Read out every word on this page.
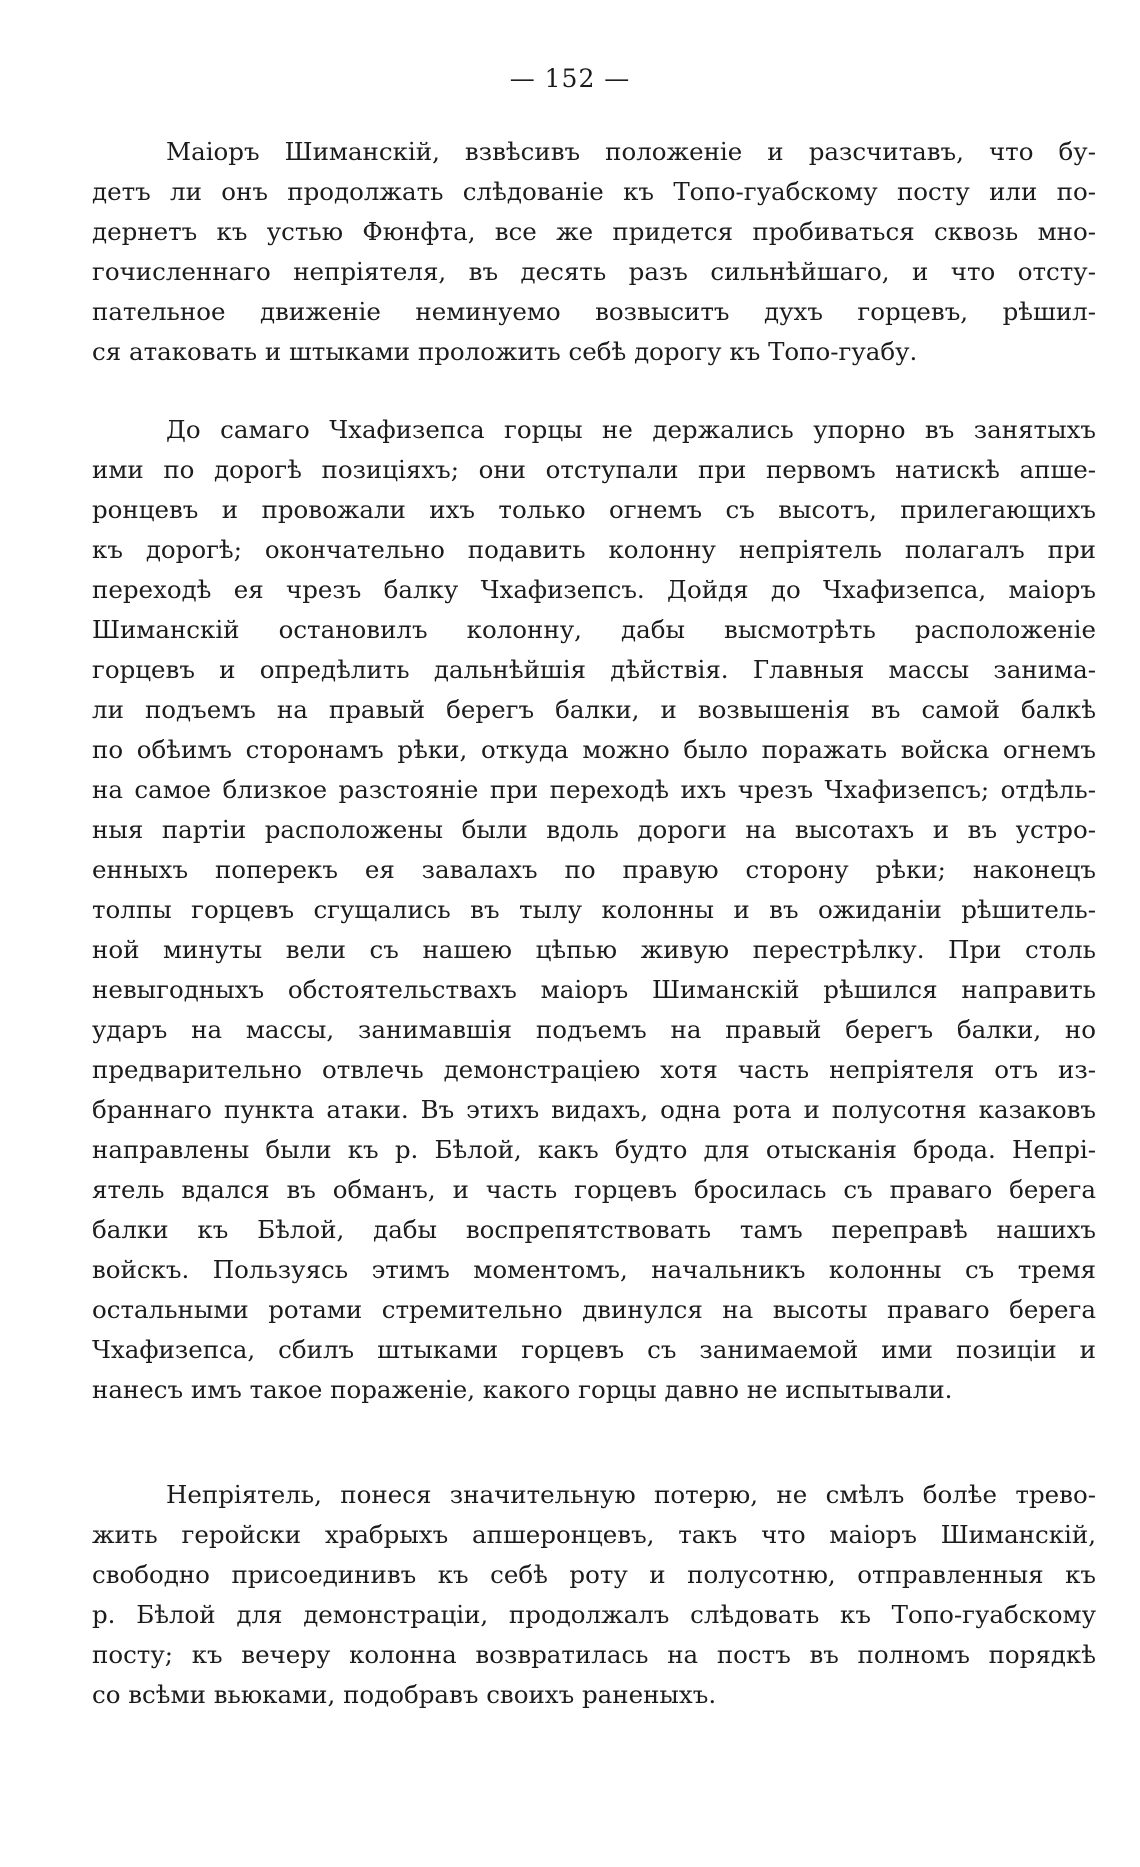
— 152 —
Маiоръ Шиманскiй, взвѣсивъ положенiе и разсчитавъ, что бу-
детъ ли онъ продолжать слѣдованiе къ Топо-гуабскому посту или по-
дернетъ къ устью Фюнфта, все же придется пробиваться сквозь мно-
гочисленнаго непрiятеля, въ десять разъ сильнѣйшаго, и что отсту-
пательное движенiе неминуемо возвыситъ духъ горцевъ, рѣшил-
ся атаковать и штыками проложить себѣ дорогу къ Топо-гуабу.
До самаго Чхафизепса горцы не держались упорно въ занятыхъ
ими по дорогѣ позицiяхъ; они отступали при первомъ натискѣ апше-
ронцевъ и провожали ихъ только огнемъ съ высотъ, прилегающихъ
къ дорогѣ; окончательно подавить колонну непрiятель полагалъ при
переходѣ ея чрезъ балку Чхафизепсъ. Дойдя до Чхафизепса, маiоръ
Шиманскiй остановилъ колонну, дабы высмотрѣть расположенiе
горцевъ и опредѣлить дальнѣйшiя дѣйствiя. Главныя массы занима-
ли подъемъ на правый берегъ балки, и возвышенiя въ самой балкѣ
по обѣимъ сторонамъ рѣки, откуда можно было поражать войска огнемъ
на самое близкое разстоянiе при переходѣ ихъ чрезъ Чхафизепсъ; отдѣль-
ныя партiи расположены были вдоль дороги на высотахъ и въ устро-
енныхъ поперекъ ея завалахъ по правую сторону рѣки; наконецъ
толпы горцевъ сгущались въ тылу колонны и въ ожиданiи рѣшитель-
ной минуты вели съ нашею цѣпью живую перестрѣлку. При столь
невыгодныхъ обстоятельствахъ маiоръ Шиманскiй рѣшился направить
ударъ на массы, занимавшiя подъемъ на правый берегъ балки, но
предварительно отвлечь демонстрацiею хотя часть непрiятеля отъ из-
браннаго пункта атаки. Въ этихъ видахъ, одна рота и полусотня казаковъ
направлены были къ р. Бѣлой, какъ будто для отысканiя брода. Непрi-
ятель вдался въ обманъ, и часть горцевъ бросилась съ праваго берега
балки къ Бѣлой, дабы воспрепятствовать тамъ переправѣ нашихъ
войскъ. Пользуясь этимъ моментомъ, начальникъ колонны съ тремя
остальными ротами стремительно двинулся на высоты праваго берега
Чхафизепса, сбилъ штыками горцевъ съ занимаемой ими позицiи и
нанесъ имъ такое пораженiе, какого горцы давно не испытывали.
Непрiятель, понеся значительную потерю, не смѣлъ болѣе трево-
жить геройски храбрыхъ апшеронцевъ, такъ что маiоръ Шиманскiй,
свободно присоединивъ къ себѣ роту и полусотню, отправленныя къ
р. Бѣлой для демонстрацiи, продолжалъ слѣдовать къ Топо-гуабскому
посту; къ вечеру колонна возвратилась на постъ въ полномъ порядкѣ
со всѣми вьюками, подобравъ своихъ раненыхъ.
